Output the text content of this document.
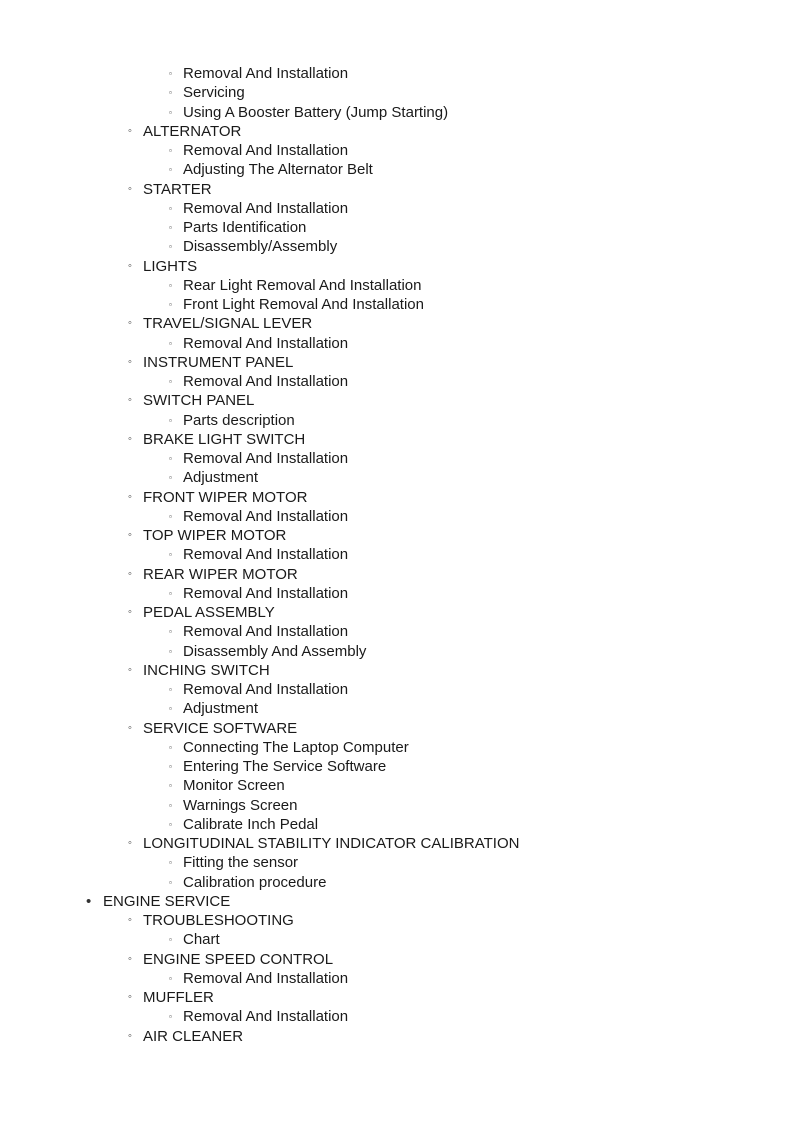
▫ Removal And Installation
▫ Servicing
▫ Using A Booster Battery (Jump Starting)
◦ ALTERNATOR
▫ Removal And Installation
▫ Adjusting The Alternator Belt
◦ STARTER
▫ Removal And Installation
▫ Parts Identification
▫ Disassembly/Assembly
◦ LIGHTS
▫ Rear Light Removal And Installation
▫ Front Light Removal And Installation
◦ TRAVEL/SIGNAL LEVER
▫ Removal And Installation
◦ INSTRUMENT PANEL
▫ Removal And Installation
◦ SWITCH PANEL
▫ Parts description
◦ BRAKE LIGHT SWITCH
▫ Removal And Installation
▫ Adjustment
◦ FRONT WIPER MOTOR
▫ Removal And Installation
◦ TOP WIPER MOTOR
▫ Removal And Installation
◦ REAR WIPER MOTOR
▫ Removal And Installation
◦ PEDAL ASSEMBLY
▫ Removal And Installation
▫ Disassembly And Assembly
◦ INCHING SWITCH
▫ Removal And Installation
▫ Adjustment
◦ SERVICE SOFTWARE
▫ Connecting The Laptop Computer
▫ Entering The Service Software
▫ Monitor Screen
▫ Warnings Screen
▫ Calibrate Inch Pedal
◦ LONGITUDINAL STABILITY INDICATOR CALIBRATION
▫ Fitting the sensor
▫ Calibration procedure
• ENGINE SERVICE
◦ TROUBLESHOOTING
▫ Chart
◦ ENGINE SPEED CONTROL
▫ Removal And Installation
◦ MUFFLER
▫ Removal And Installation
◦ AIR CLEANER
